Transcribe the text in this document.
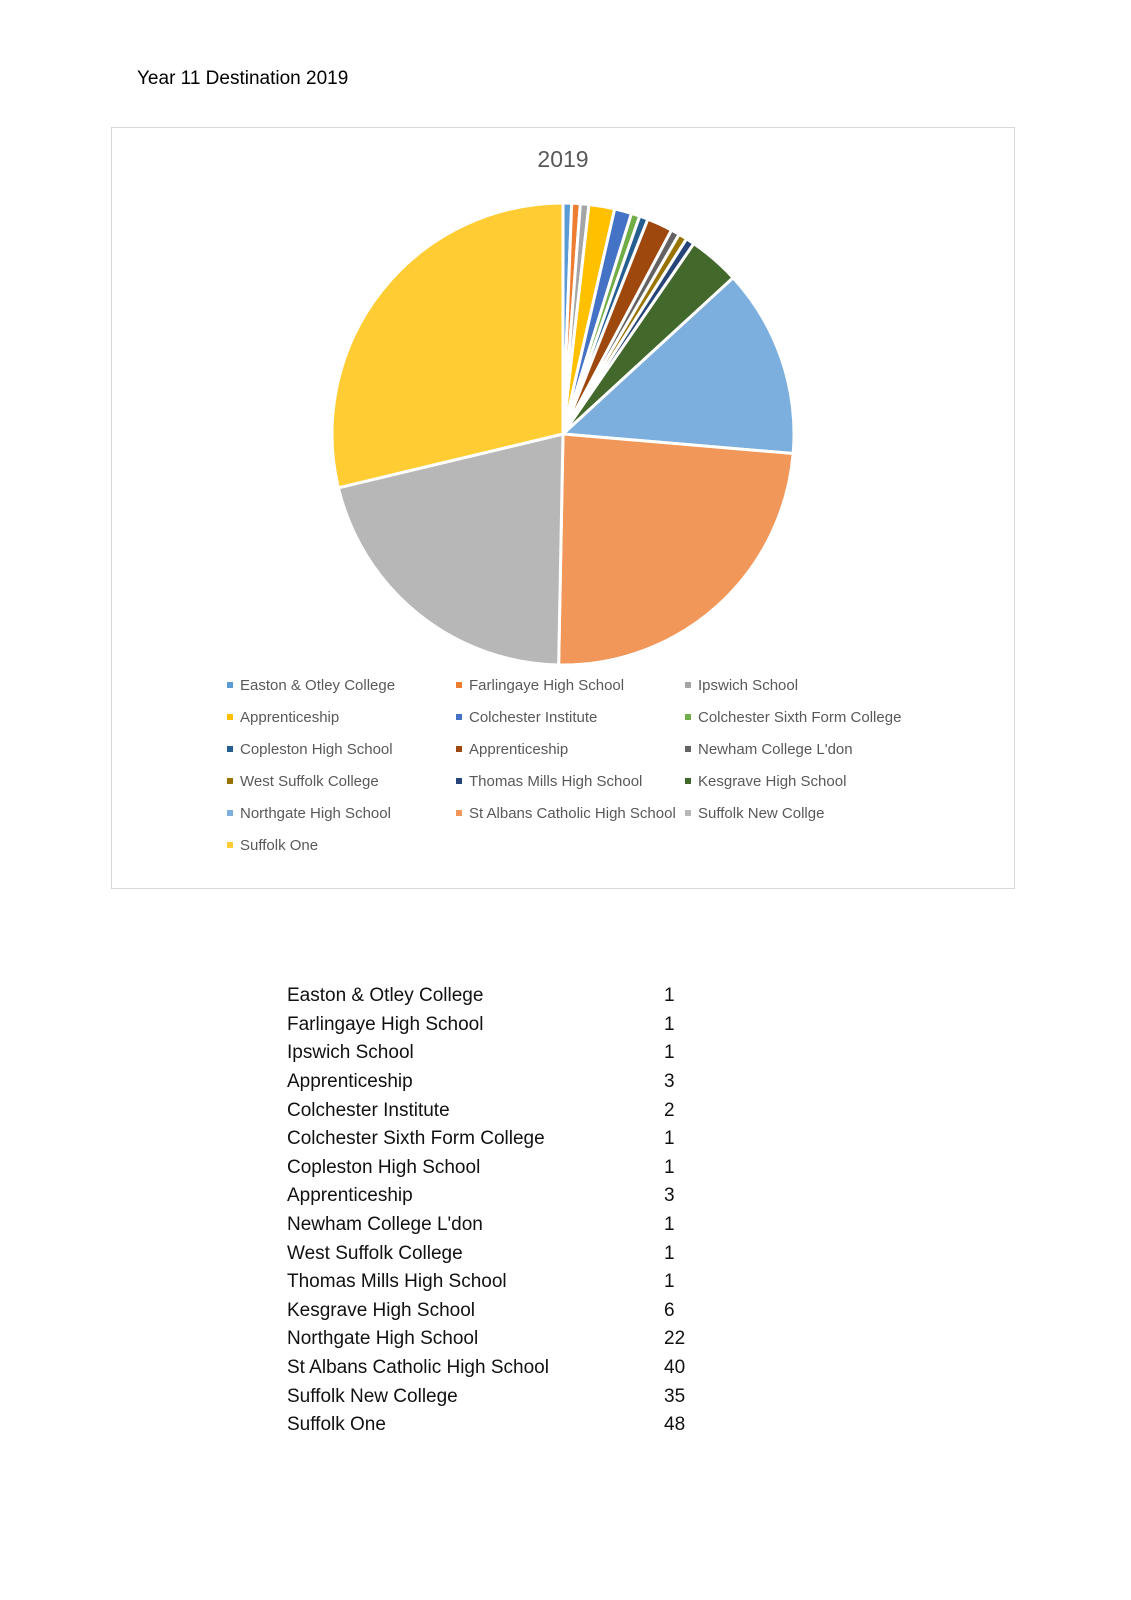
Year 11 Destination 2019
2019
Easton & Otley College	Farlingaye High School	Ipswich School
Apprenticeship	Colchester Institute	Colchester Sixth Form College
Copleston High School	Apprenticeship	Newham College L'don
West Suffolk College	Thomas Mills High School	Kesgrave High School
Northgate High School	St Albans Catholic High School Suffolk New Collge
Suffolk One
Easton & Otley College	1
Farlingaye High School	1
Ipswich School	1
Apprenticeship	3
Colchester Institute	2
Colchester Sixth Form College	1
Copleston High School	1
Apprenticeship	3
Newham College L'don	1
West Suffolk College	1
Thomas Mills High School	1
Kesgrave High School	6
Northgate High School	22
St Albans Catholic High School	40
Suffolk New College	35
Suffolk One	48
